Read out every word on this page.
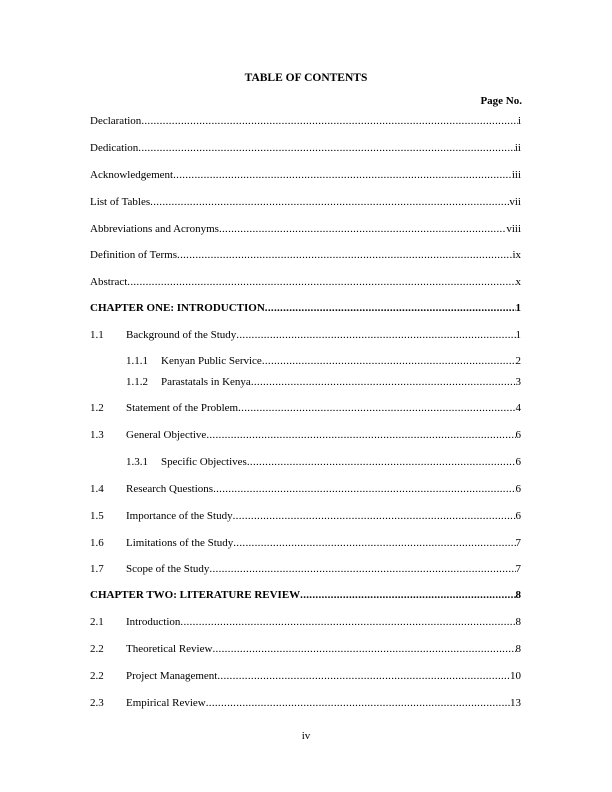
TABLE OF CONTENTS
Page No.
Declaration .....	i
Dedication .....	ii
Acknowledgement .....	iii
List of Tables .....	vii
Abbreviations and Acronyms .....	viii
Definition of Terms .....	ix
Abstract .....	x
CHAPTER ONE: INTRODUCTION .....	1
1.1	Background of the Study .....	1
1.1.1	Kenyan Public Service .....	2
1.1.2	Parastatals in Kenya .....	3
1.2	Statement of the Problem .....	4
1.3	General Objective .....	6
1.3.1	Specific Objectives .....	6
1.4	Research Questions .....	6
1.5	Importance of the Study .....	6
1.6	Limitations of the Study .....	7
1.7	Scope of the Study .....	7
CHAPTER TWO: LITERATURE REVIEW .....	8
2.1	Introduction .....	8
2.2	Theoretical Review .....	8
2.2	Project Management .....	10
2.3	Empirical Review .....	13
iv
